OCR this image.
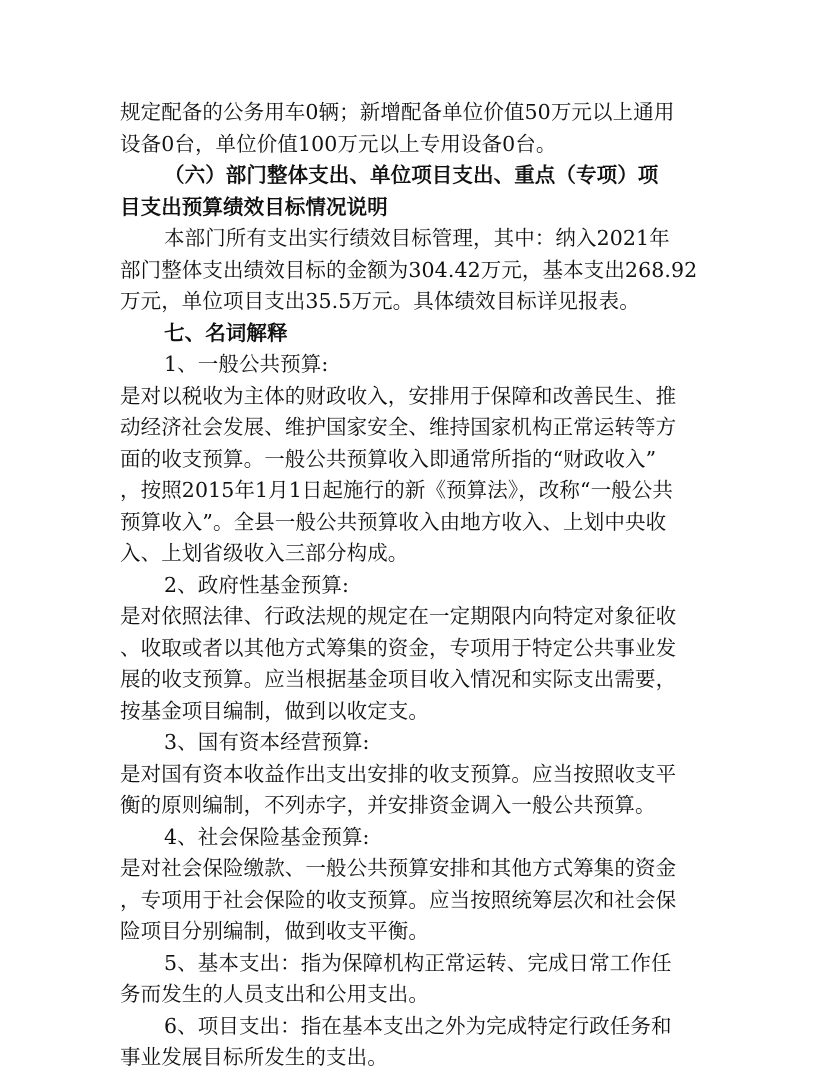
规定配备的公务用车0辆；新增配备单位价值50万元以上通用
设备0台，单位价值100万元以上专用设备0台。
（六）部门整体支出、单位项目支出、重点（专项）项
目支出预算绩效目标情况说明
本部门所有支出实行绩效目标管理，其中：纳入2021年
部门整体支出绩效目标的金额为304.42万元，基本支出268.92
万元，单位项目支出35.5万元。具体绩效目标详见报表。
七、名词解释
1、一般公共预算:
是对以税收为主体的财政收入，安排用于保障和改善民生、推
动经济社会发展、维护国家安全、维持国家机构正常运转等方
面的收支预算。一般公共预算收入即通常所指的“财政收入”
，按照2015年1月1日起施行的新《预算法》，改称“一般公共
预算收入”。全县一般公共预算收入由地方收入、上划中央收
入、上划省级收入三部分构成。
2、政府性基金预算:
是对依照法律、行政法规的规定在一定期限内向特定对象征收
、收取或者以其他方式筹集的资金，专项用于特定公共事业发
展的收支预算。应当根据基金项目收入情况和实际支出需要，
按基金项目编制，做到以收定支。
3、国有资本经营预算:
是对国有资本收益作出支出安排的收支预算。应当按照收支平
衡的原则编制，不列赤字，并安排资金调入一般公共预算。
4、社会保险基金预算:
是对社会保险缴款、一般公共预算安排和其他方式筹集的资金
，专项用于社会保险的收支预算。应当按照统筹层次和社会保
险项目分别编制，做到收支平衡。
5、基本支出：指为保障机构正常运转、完成日常工作任
务而发生的人员支出和公用支出。
6、项目支出：指在基本支出之外为完成特定行政任务和
事业发展目标所发生的支出。
